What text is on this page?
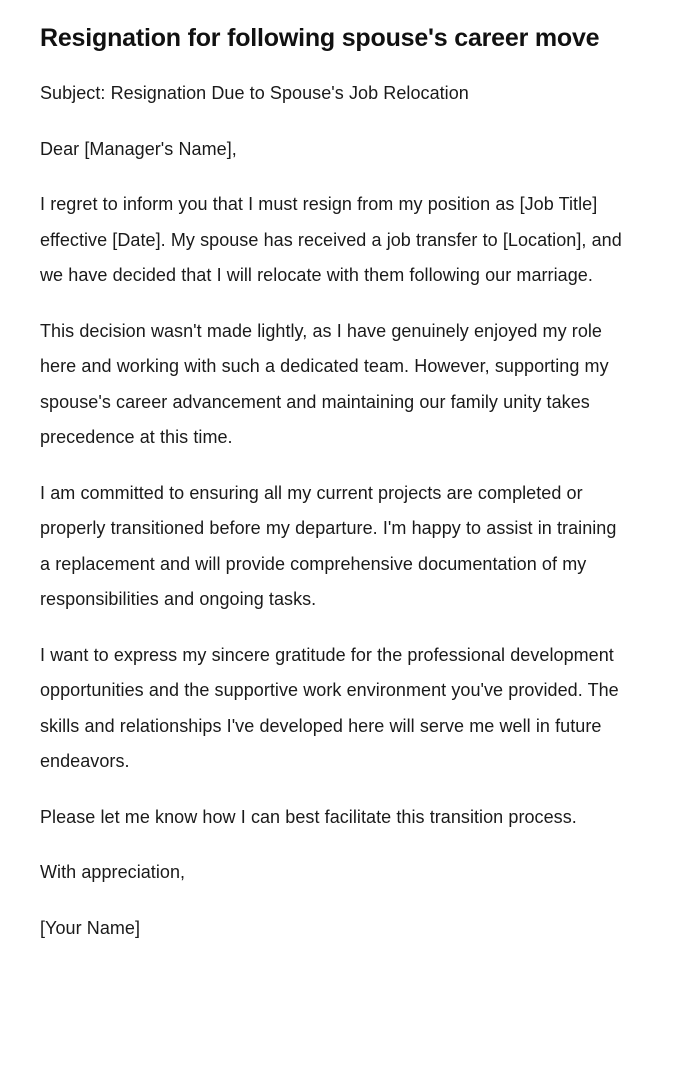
Resignation for following spouse's career move

Subject: Resignation Due to Spouse's Job Relocation

Dear [Manager's Name],

I regret to inform you that I must resign from my position as [Job Title] effective [Date]. My spouse has received a job transfer to [Location], and we have decided that I will relocate with them following our marriage.

This decision wasn't made lightly, as I have genuinely enjoyed my role here and working with such a dedicated team. However, supporting my spouse's career advancement and maintaining our family unity takes precedence at this time.

I am committed to ensuring all my current projects are completed or properly transitioned before my departure. I'm happy to assist in training a replacement and will provide comprehensive documentation of my responsibilities and ongoing tasks.

I want to express my sincere gratitude for the professional development opportunities and the supportive work environment you've provided. The skills and relationships I've developed here will serve me well in future endeavors.

Please let me know how I can best facilitate this transition process.

With appreciation,

[Your Name]
